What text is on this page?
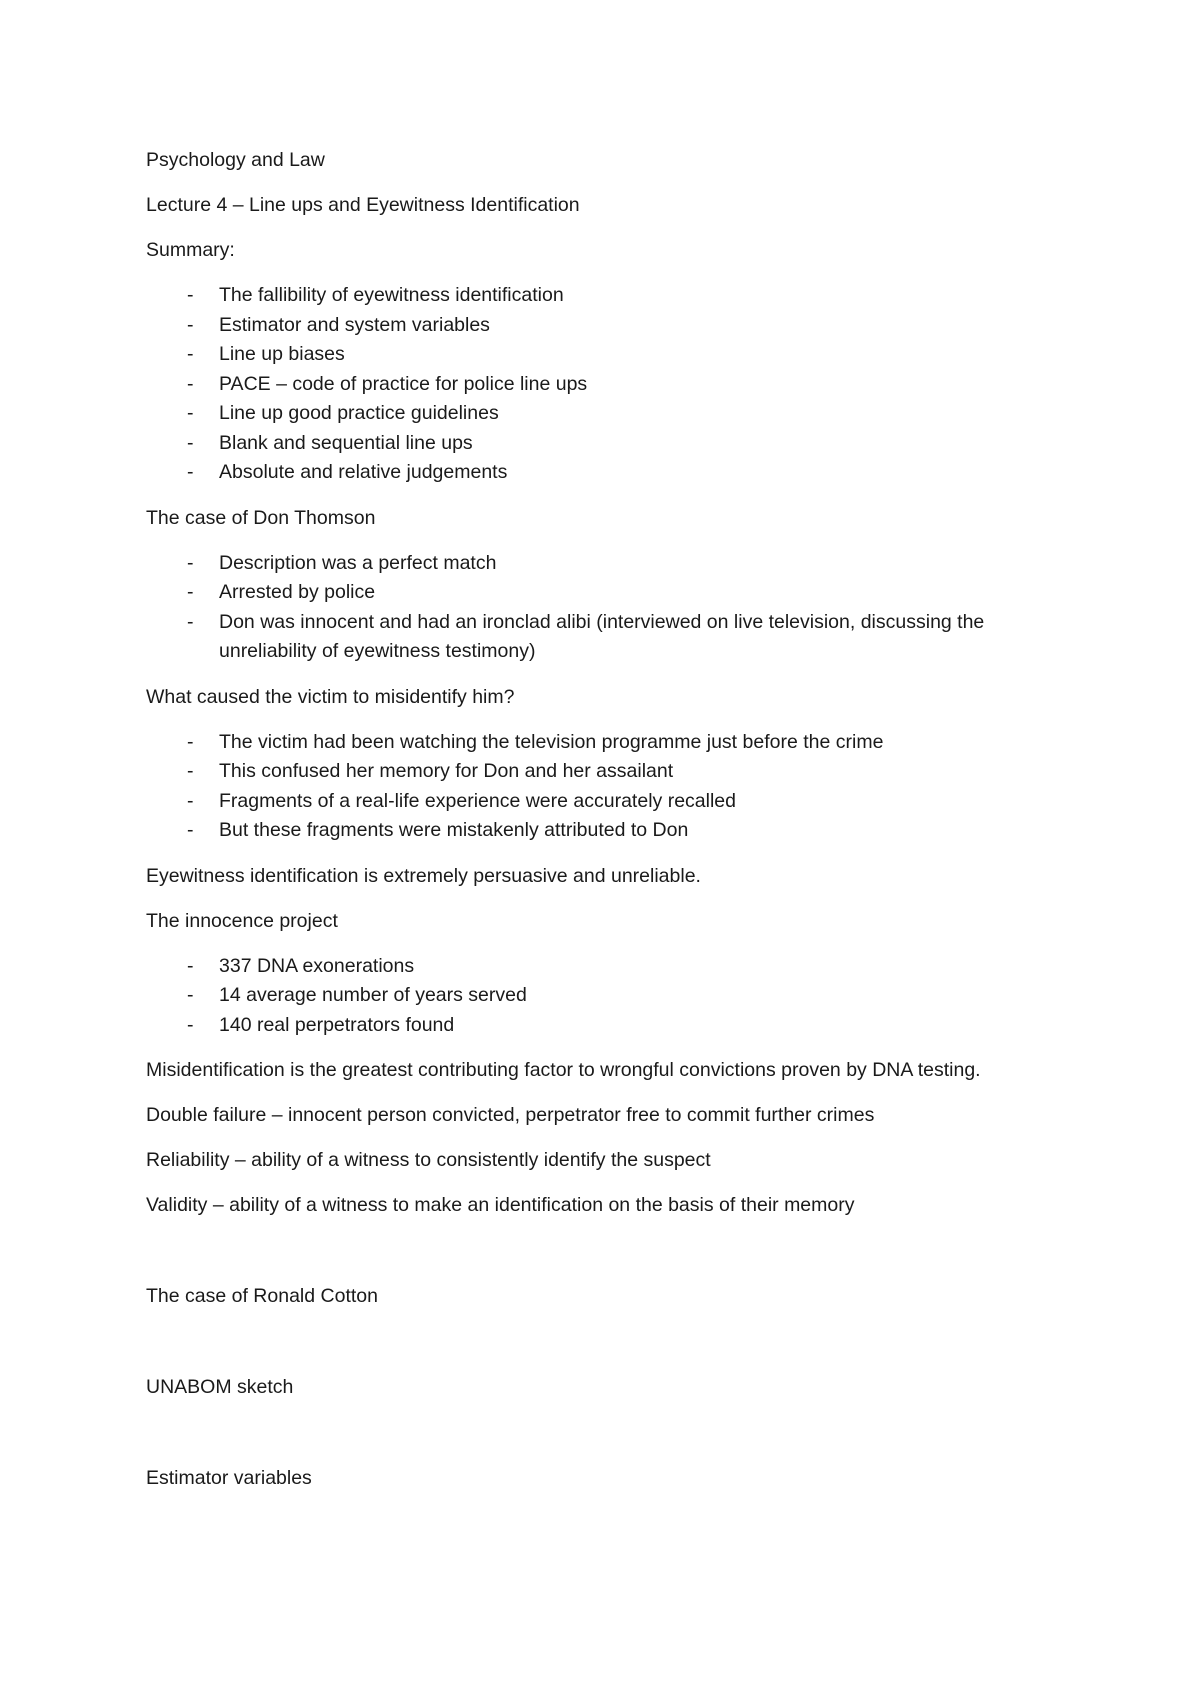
Psychology and Law

Lecture 4 – Line ups and Eyewitness Identification

Summary:

- The fallibility of eyewitness identification
- Estimator and system variables
- Line up biases
- PACE – code of practice for police line ups
- Line up good practice guidelines
- Blank and sequential line ups
- Absolute and relative judgements

The case of Don Thomson

- Description was a perfect match
- Arrested by police
- Don was innocent and had an ironclad alibi (interviewed on live television, discussing the unreliability of eyewitness testimony)

What caused the victim to misidentify him?

- The victim had been watching the television programme just before the crime
- This confused her memory for Don and her assailant
- Fragments of a real-life experience were accurately recalled
- But these fragments were mistakenly attributed to Don

Eyewitness identification is extremely persuasive and unreliable.

The innocence project

- 337 DNA exonerations
- 14 average number of years served
- 140 real perpetrators found

Misidentification is the greatest contributing factor to wrongful convictions proven by DNA testing.

Double failure – innocent person convicted, perpetrator free to commit further crimes

Reliability – ability of a witness to consistently identify the suspect

Validity – ability of a witness to make an identification on the basis of their memory

The case of Ronald Cotton

UNABOM sketch

Estimator variables
